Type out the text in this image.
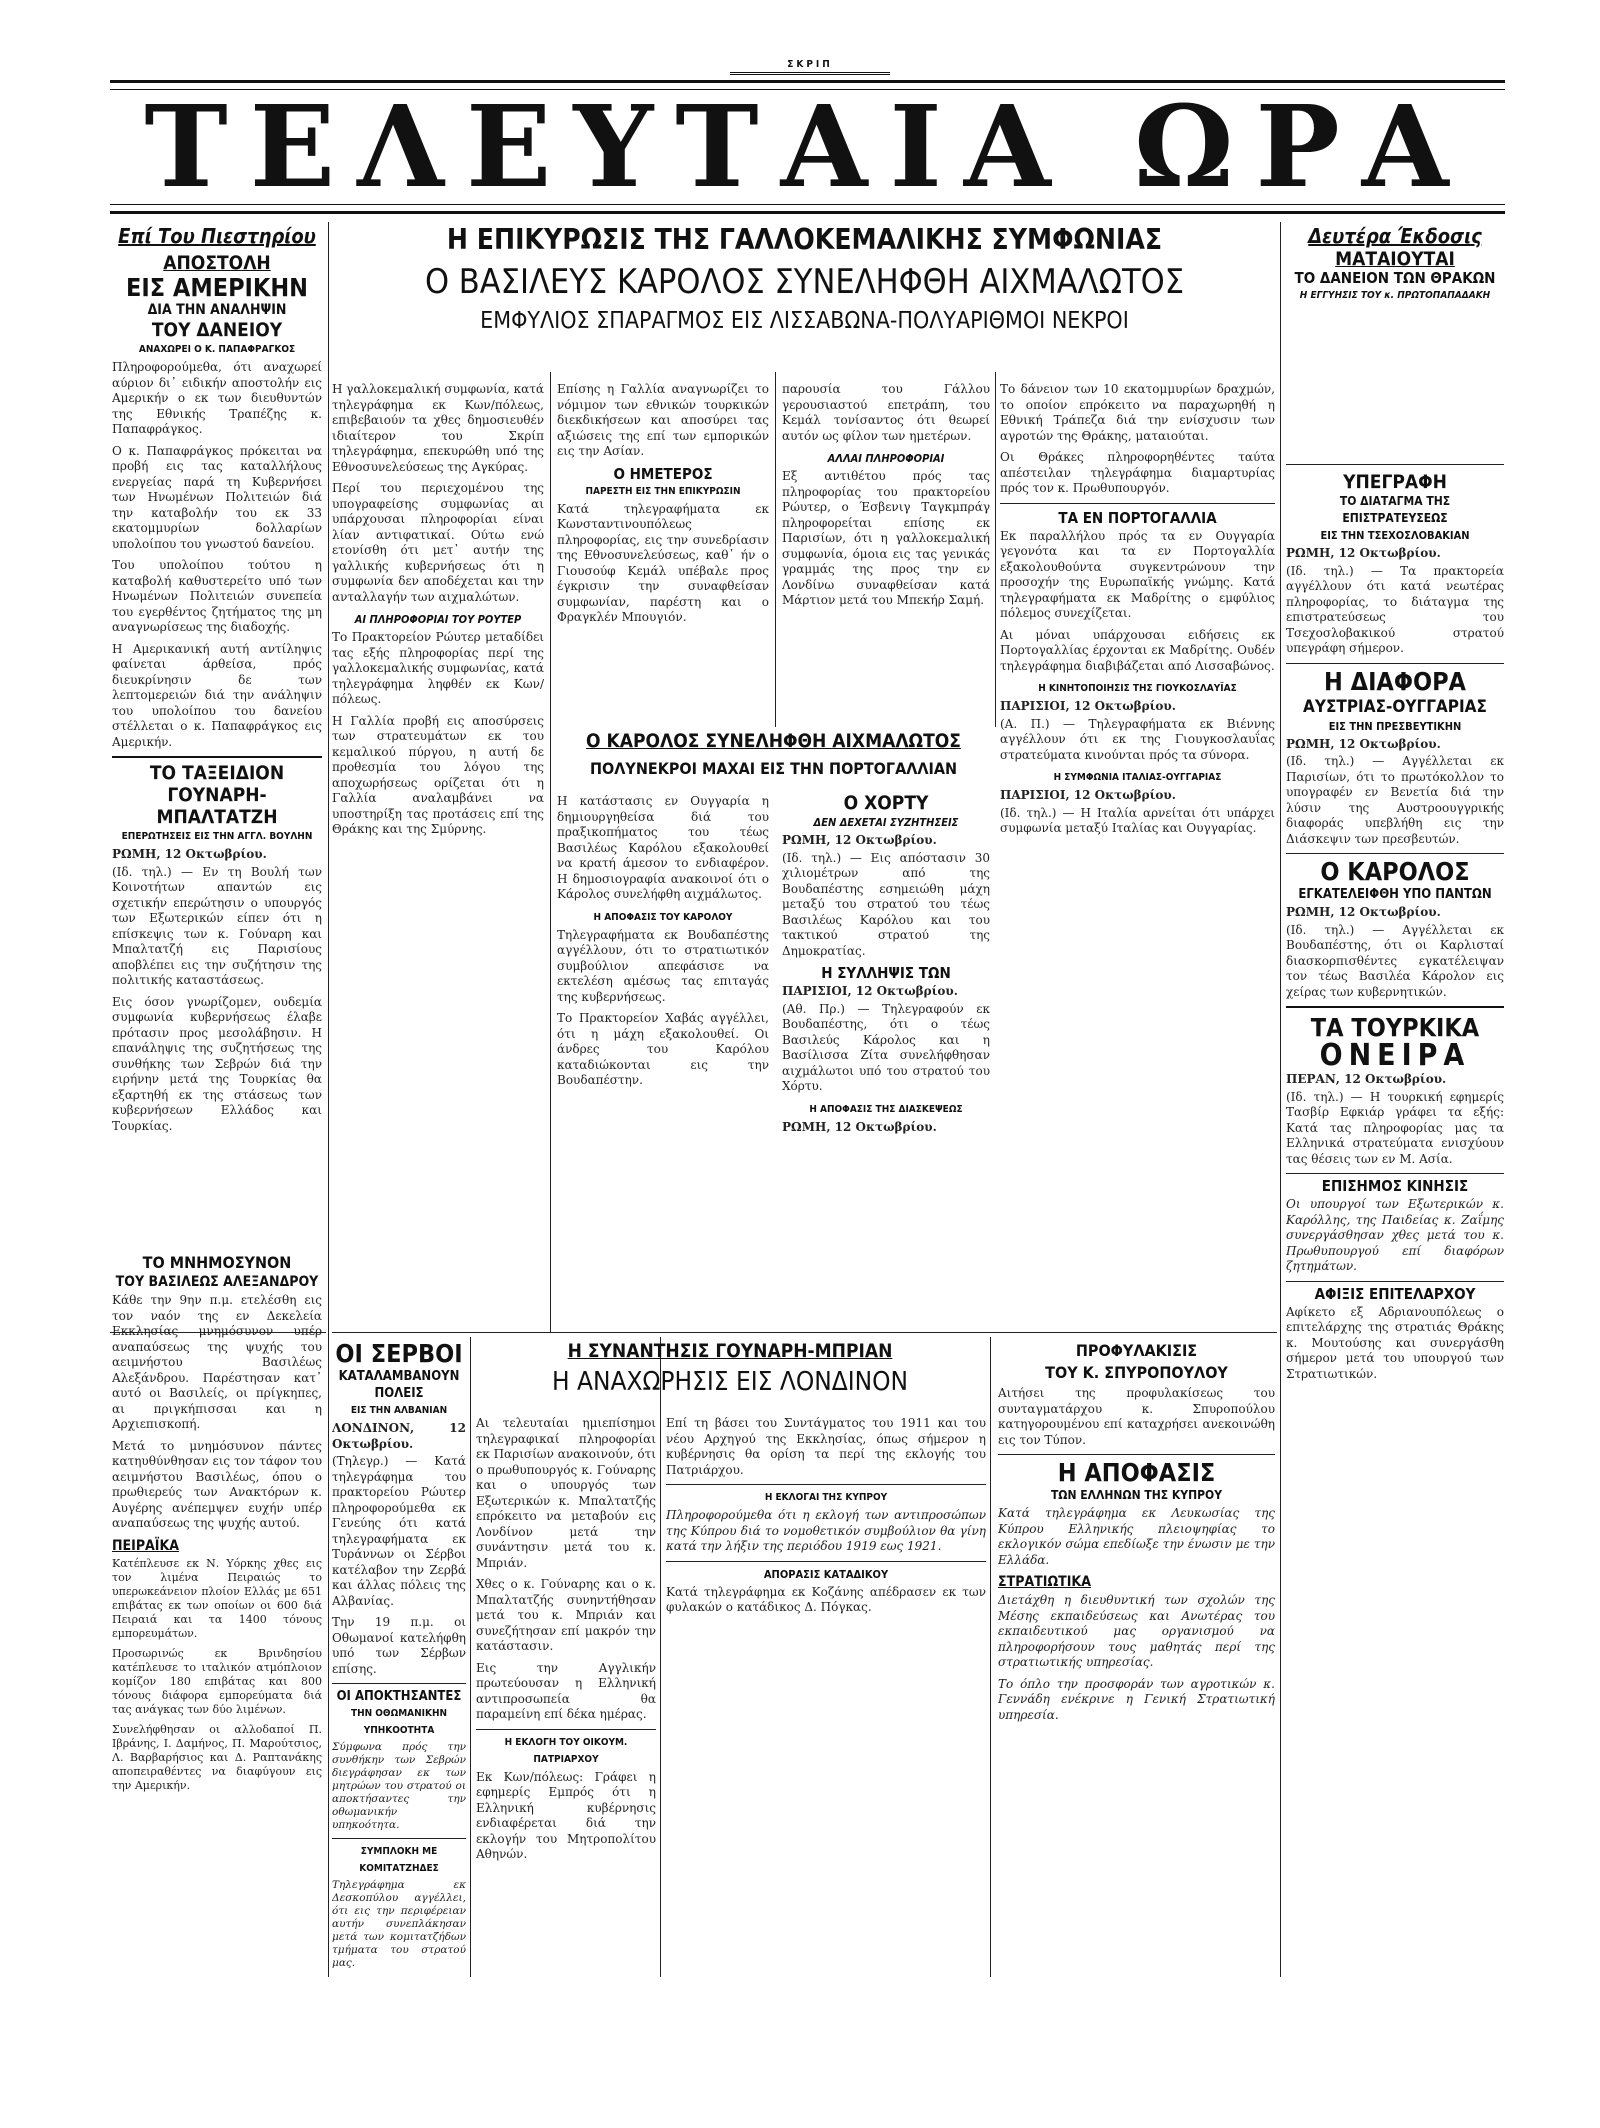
ΣΚΡΙΠ
ΤΕΛΕΥΤΑΙΑ ΩΡΑ
Επί Του Πιεστηρίου
ΑΠΟΣΤΟΛΗ
ΕΙΣ ΑΜΕΡΙΚΗΝ
ΔΙΑ ΤΗΝ ΑΝΑΛΗΨΙΝ
ΤΟΥ ΔΑΝΕΙΟΥ
ΑΝΑΧΩΡΕΙ Ο Κ. ΠΑΠΑΦΡΑΓΚΟΣ

Πληροφορούμεθα, ότι αναχωρεί αύριον δι᾽ ειδικήν αποστολήν εις Αμερικήν ο εκ των διευθυντών της Εθνικής Τραπέζης κ. Παπαφράγκος.

Ο κ. Παπαφράγκος πρόκειται να προβή εις τας καταλλήλους ενεργείας παρά τη Κυβερνήσει των Ηνωμένων Πολιτειών διά την καταβολήν του εκ 33 εκατομμυρίων δολλαρίων υπολοίπου του γνωστού δανείου.

Του υπολοίπου τούτου η καταβολή καθυστερείτο υπό των Ηνωμένων Πολιτειών συνεπεία του εγερθέντος ζητήματος της μη αναγνωρίσεως της διαδοχής.

Η Αμερικανική αυτή αντίληψις φαίνεται άρθείσα, πρός διευκρίνησιν δε των λεπτομερειών διά την ανάληψιν του υπολοίπου του δανείου στέλλεται ο κ. Παπαφράγκος εις Αμερικήν.

ΤΟ ΤΑΞΕΙΔΙΟΝ
ΓΟΥΝΑΡΗ-ΜΠΑΛΤΑΤΖΗ
ΕΠΕΡΩΤΗΣΕΙΣ ΕΙΣ ΤΗΝ ΑΓΓΛ. ΒΟΥΛΗΝ

ΡΩΜΗ, 12 Οκτωβρίου.

(Ιδ. τηλ.) — Εν τη Βουλή των Κοινοτήτων απαντών εις σχετικήν επερώτησιν ο υπουργός των Εξωτερικών είπεν ότι η επίσκεψις των κ. Γούναρη και Μπαλτατζή εις Παρισίους αποβλέπει εις την συζήτησιν της πολιτικής καταστάσεως.

Εις όσον γνωρίζομεν, ουδεμία συμφωνία κυβερνήσεως έλαβε πρότασιν προς μεσολάβησιν. Η επανάληψις της συζητήσεως της συνθήκης των Σεβρών διά την ειρήνην μετά της Τουρκίας θα εξαρτηθή εκ της στάσεως των κυβερνήσεων Ελλάδος και Τουρκίας.

ΤΟ ΜΝΗΜΟΣΥΝΟΝ
ΤΟΥ ΒΑΣΙΛΕΩΣ ΑΛΕΞΑΝΔΡΟΥ

Κάθε την 9ην π.μ. ετελέσθη εις τον ναόν της εν Δεκελεία Εκκλησίας μνημόσυνον υπέρ αναπαύσεως της ψυχής του αειμνήστου Βασιλέως Αλεξάνδρου. Παρέστησαν κατ᾽ αυτό οι Βασιλείς, οι πρίγκηπες, αι πριγκήπισσαι και η Αρχιεπισκοπή.

Μετά το μνημόσυνον πάντες κατηυθύνθησαν εις τον τάφον του αειμνήστου Βασιλέως, όπου ο πρωθιερεύς των Ανακτόρων κ. Αυγέρης ανέπεμψεν ευχήν υπέρ αναπαύσεως της ψυχής αυτού.

ΠΕΙΡΑΪΚΑ

Κατέπλευσε εκ Ν. Υόρκης χθες εις τον λιμένα Πειραιώς το υπερωκεάνειον πλοίον Ελλάς με 651 επιβάτας εκ των οποίων οι 600 διά Πειραιά και τα 1400 τόνους εμπορευμάτων.

Προσωρινώς εκ Βρινδησίου κατέπλευσε το ιταλικόν ατμόπλοιον κομίζον 180 επιβάτας και 800 τόνους διάφορα εμπορεύματα διά τας ανάγκας των δύο λιμένων.

Συνελήφθησαν οι αλλοδαποί Π. Ιβράνης, Ι. Δαμήνος, Π. Μαρούτσιος, Λ. Βαρβαρήσιος και Δ. Ραπτανάκης αποπειραθέντες να διαφύγουν εις την Αμερικήν.

Η ΕΠΙΚΥΡΩΣΙΣ ΤΗΣ ΓΑΛΛΟΚΕΜΑΛΙΚΗΣ ΣΥΜΦΩΝΙΑΣ
Ο ΒΑΣΙΛΕΥΣ ΚΑΡΟΛΟΣ ΣΥΝΕΛΗΦΘΗ ΑΙΧΜΑΛΩΤΟΣ
ΕΜΦΥΛΙΟΣ ΣΠΑΡΑΓΜΟΣ ΕΙΣ ΛΙΣΣΑΒΩΝΑ-ΠΟΛΥΑΡΙΘΜΟΙ ΝΕΚΡΟΙ

Η γαλλοκεμαλική συμφωνία, κατά τηλεγράφημα εκ Κων/πόλεως, επιβεβαιούν τα χθες δημοσιευθέν ιδιαίτερον του Σκρίπ τηλεγράφημα, επεκυρώθη υπό της Εθνοσυνελεύσεως της Αγκύρας.

Περί του περιεχομένου της υπογραφείσης συμφωνίας αι υπάρχουσαι πληροφορίαι είναι λίαν αντιφατικαί. Ούτω ενώ ετονίσθη ότι μετ᾽ αυτήν της γαλλικής κυβερνήσεως ότι η συμφωνία δεν αποδέχεται και την ανταλλαγήν των αιχμαλώτων.

ΑΙ ΠΛΗΡΟΦΟΡΙΑΙ ΤΟΥ ΡΟΥΤΕΡ

Το Πρακτορείον Ρώυτερ μεταδίδει τας εξής πληροφορίας περί της γαλλοκεμαλικής συμφωνίας, κατά τηλεγράφημα ληφθέν εκ Κων/πόλεως.

Η Γαλλία προβή εις αποσύρσεις των στρατευμάτων εκ του κεμαλικού πύργου, η αυτή δε προθεσμία του λόγου της αποχωρήσεως ορίζεται ότι η Γαλλία αναλαμβάνει να υποστηρίξη τας προτάσεις επί της Θράκης και της Σμύρνης.

Επίσης η Γαλλία αναγνωρίζει το νόμιμον των εθνικών τουρκικών διεκδικήσεων και αποσύρει τας αξιώσεις της επί των εμπορικών εις την Ασίαν.

Ο ΗΜΕΤΕΡΟΣ
ΠΑΡΕΣΤΗ ΕΙΣ ΤΗΝ ΕΠΙΚΥΡΩΣΙΝ

Κατά τηλεγραφήματα εκ Κωνσταντινουπόλεως πληροφορίας, εις την συνεδρίασιν της Εθνοσυνελεύσεως, καθ᾽ ήν ο Γιουσούφ Κεμάλ υπέβαλε προς έγκρισιν την συναφθείσαν συμφωνίαν, παρέστη και ο Φραγκλέν Μπουγιόν.

παρουσία του Γάλλου γερουσιαστού επετράπη, του Κεμάλ τονίσαντος ότι θεωρεί αυτόν ως φίλον των ημετέρων.

ΑΛΛΑΙ ΠΛΗΡΟΦΟΡΙΑΙ

Εξ αντιθέτου πρός τας πληροφορίας του πρακτορείου Ρώυτερ, ο Έσβενιγ Ταγκμπράγ πληροφορείται επίσης εκ Παρισίων, ότι η γαλλοκεμαλική συμφωνία, όμοια εις τας γενικάς γραμμάς της προς την εν Λονδίνω συναφθείσαν κατά Μάρτιον μετά του Μπεκήρ Σαμή.

Ο ΚΑΡΟΛΟΣ ΣΥΝΕΛΗΦΘΗ ΑΙΧΜΑΛΩΤΟΣ
ΠΟΛΥΝΕΚΡΟΙ ΜΑΧΑΙ ΕΙΣ ΤΗΝ ΠΟΡΤΟΓΑΛΛΙΑΝ

Η κατάστασις εν Ουγγαρία η δημιουργηθείσα διά του πραξικοπήματος του τέως Βασιλέως Καρόλου εξακολουθεί να κρατή άμεσον το ενδιαφέρον. Η δημοσιογραφία ανακοινοί ότι ο Κάρολος συνελήφθη αιχμάλωτος.

Η ΑΠΟΦΑΣΙΣ ΤΟΥ ΚΑΡΟΛΟΥ

Τηλεγραφήματα εκ Βουδαπέστης αγγέλλουν, ότι το στρατιωτικόν συμβούλιον απεφάσισε να εκτελέση αμέσως τας επιταγάς της κυβερνήσεως.

Το Πρακτορείον Χαβάς αγγέλλει, ότι η μάχη εξακολουθεί. Οι άνδρες του Καρόλου καταδιώκονται εις την Βουδαπέστην.

Ο ΧΟΡΤΥ
ΔΕΝ ΔΕΧΕΤΑΙ ΣΥΖΗΤΗΣΕΙΣ

ΡΩΜΗ, 12 Οκτωβρίου.

(Ιδ. τηλ.) — Εις απόστασιν 30 χιλιομέτρων από της Βουδαπέστης εσημειώθη μάχη μεταξύ του στρατού του τέως Βασιλέως Καρόλου και του τακτικού στρατού της Δημοκρατίας.

Η ΣΥΛΛΗΨΙΣ ΤΩΝ

ΠΑΡΙΣΙΟΙ, 12 Οκτωβρίου.

(Αθ. Πρ.) — Τηλεγραφούν εκ Βουδαπέστης, ότι ο τέως Βασιλεύς Κάρολος και η Βασίλισσα Ζίτα συνελήφθησαν αιχμάλωτοι υπό του στρατού του Χόρτυ.

Η ΑΠΟΦΑΣΙΣ ΤΗΣ ΔΙΑΣΚΕΨΕΩΣ

ΡΩΜΗ, 12 Οκτωβρίου.

Το δάνειον των 10 εκατομμυρίων δραχμών, το οποίον επρόκειτο να παραχωρηθή η Εθνική Τράπεζα διά την ενίσχυσιν των αγροτών της Θράκης, ματαιούται.

Οι Θράκες πληροφορηθέντες ταύτα απέστειλαν τηλεγράφημα διαμαρτυρίας πρός τον κ. Πρωθυπουργόν.

ΤΑ ΕΝ ΠΟΡΤΟΓΑΛΛΙΑ

Εκ παραλλήλου πρός τα εν Ουγγαρία γεγονότα και τα εν Πορτογαλλία εξακολουθούντα συγκεντρώνουν την προσοχήν της Ευρωπαϊκής γνώμης. Κατά τηλεγραφήματα εκ Μαδρίτης ο εμφύλιος πόλεμος συνεχίζεται.

Αι μόναι υπάρχουσαι ειδήσεις εκ Πορτογαλλίας έρχονται εκ Μαδρίτης. Ουδέν τηλεγράφημα διαβιβάζεται από Λισσαβώνος.

Η ΚΙΝΗΤΟΠΟΙΗΣΙΣ ΤΗΣ ΓΙΟΥΚΟΣΛΑΥΪΑΣ

ΠΑΡΙΣΙΟΙ, 12 Οκτωβρίου.

(Α. Π.) — Τηλεγραφήματα εκ Βιέννης αγγέλλουν ότι εκ της Γιουγκοσλαυΐας στρατεύματα κινούνται πρός τα σύνορα.

Η ΣΥΜΦΩΝΙΑ ΙΤΑΛΙΑΣ-ΟΥΓΓΑΡΙΑΣ

ΠΑΡΙΣΙΟΙ, 12 Οκτωβρίου.

(Ιδ. τηλ.) — Η Ιταλία αρνείται ότι υπάρχει συμφωνία μεταξύ Ιταλίας και Ουγγαρίας.

Δευτέρα Έκδοσις
ΜΑΤΑΙΟΥΤΑΙ
ΤΟ ΔΑΝΕΙΟΝ ΤΩΝ ΘΡΑΚΩΝ
Η ΕΓΓΥΗΣΙΣ ΤΟΥ κ. ΠΡΩΤΟΠΑΠΑΔΑΚΗ
ΥΠΕΓΡΑΦΗ
ΤΟ ΔΙΑΤΑΓΜΑ ΤΗΣ ΕΠΙΣΤΡΑΤΕΥΣΕΩΣ
ΕΙΣ ΤΗΝ ΤΣΕΧΟΣΛΟΒΑΚΙΑΝ

ΡΩΜΗ, 12 Οκτωβρίου.

(Ιδ. τηλ.) — Τα πρακτορεία αγγέλλουν ότι κατά νεωτέρας πληροφορίας, το διάταγμα της επιστρατεύσεως του Τσεχοσλοβακικού στρατού υπεγράφη σήμερον.

Η ΔΙΑΦΟΡΑ
ΑΥΣΤΡΙΑΣ-ΟΥΓΓΑΡΙΑΣ
ΕΙΣ ΤΗΝ ΠΡΕΣΒΕΥΤΙΚΗΝ

ΡΩΜΗ, 12 Οκτωβρίου.

(Ιδ. τηλ.) — Αγγέλλεται εκ Παρισίων, ότι το πρωτόκολλον το υπογραφέν εν Βενετία διά την λύσιν της Αυστροουγγρικής διαφοράς υπεβλήθη εις την Διάσκεψιν των πρεσβευτών.

Ο ΚΑΡΟΛΟΣ
ΕΓΚΑΤΕΛΕΙΦΘΗ ΥΠΟ ΠΑΝΤΩΝ

ΡΩΜΗ, 12 Οκτωβρίου.

(Ιδ. τηλ.) — Αγγέλλεται εκ Βουδαπέστης, ότι οι Καρλισταί διασκορπισθέντες εγκατέλειψαν τον τέως Βασιλέα Κάρολον εις χείρας των κυβερνητικών.

ΤΑ ΤΟΥΡΚΙΚΑ
ΟΝΕΙΡΑ

ΠΕΡΑΝ, 12 Οκτωβρίου.

(Ιδ. τηλ.) — Η τουρκική εφημερίς Τασβίρ Εφκιάρ γράφει τα εξής: Κατά τας πληροφορίας μας τα Ελληνικά στρατεύματα ενισχύουν τας θέσεις των εν Μ. Ασία.

ΕΠΙΣΗΜΟΣ ΚΙΝΗΣΙΣ

Οι υπουργοί των Εξωτερικών κ. Καρόλλης, της Παιδείας κ. Ζαΐμης συνεργάσθησαν χθες μετά του κ. Πρωθυπουργού επί διαφόρων ζητημάτων.

ΑΦΙΞΙΣ ΕΠΙΤΕΛΑΡΧΟΥ

Αφίκετο εξ Αδριανουπόλεως ο επιτελάρχης της στρατιάς Θράκης κ. Μουτούσης και συνεργάσθη σήμερον μετά του υπουργού των Στρατιωτικών.

ΟΙ ΣΕΡΒΟΙ
ΚΑΤΑΛΑΜΒΑΝΟΥΝ ΠΟΛΕΙΣ
ΕΙΣ ΤΗΝ ΑΛΒΑΝΙΑΝ

ΛΟΝΔΙΝΟΝ, 12 Οκτωβρίου.

(Τηλεγρ.) — Κατά τηλεγράφημα του πρακτορείου Ρώυτερ πληροφορούμεθα εκ Γενεύης ότι κατά τηλεγραφήματα εκ Τυράννων οι Σέρβοι κατέλαβον την Ζερβά και άλλας πόλεις της Αλβανίας.

Την 19 π.μ. οι Οθωμανοί κατελήφθη υπό των Σέρβων επίσης.

ΟΙ ΑΠΟΚΤΗΣΑΝΤΕΣ
ΤΗΝ ΟΘΩΜΑΝΙΚΗΝ ΥΠΗΚΟΟΤΗΤΑ

Σύμφωνα πρός την συνθήκην των Σεβρών διεγράφησαν εκ των μητρώων του στρατού οι αποκτήσαντες την οθωμανικήν υπηκοότητα.

ΣΥΜΠΛΟΚΗ ΜΕ ΚΟΜΙΤΑΤΖΗΔΕΣ

Τηλεγράφημα εκ Δεσκοπύλου αγγέλλει, ότι εις την περιφέρειαν αυτήν συνεπλάκησαν μετά των κομιτατζήδων τμήματα του στρατού μας.

Η ΣΥΝΑΝΤΗΣΙΣ ΓΟΥΝΑΡΗ-ΜΠΡΙΑΝ
Η ΑΝΑΧΩΡΗΣΙΣ ΕΙΣ ΛΟΝΔΙΝΟΝ

Αι τελευταίαι ημιεπίσημοι τηλεγραφικαί πληροφορίαι εκ Παρισίων ανακοινούν, ότι ο πρωθυπουργός κ. Γούναρης και ο υπουργός των Εξωτερικών κ. Μπαλτατζής επρόκειτο να μεταβούν εις Λονδίνον μετά την συνάντησιν μετά του κ. Μπριάν.

Χθες ο κ. Γούναρης και ο κ. Μπαλτατζής συνηντήθησαν μετά του κ. Μπριάν και συνεζήτησαν επί μακρόν την κατάστασιν.

Εις την Αγγλικήν πρωτεύουσαν η Ελληνική αντιπροσωπεία θα παραμείνη επί δέκα ημέρας.

Η ΕΚΛΟΓΗ ΤΟΥ ΟΙΚΟΥΜ. ΠΑΤΡΙΑΡΧΟΥ

Εκ Κων/πόλεως: Γράφει η εφημερίς Εμπρός ότι η Ελληνική κυβέρνησις ενδιαφέρεται διά την εκλογήν του Μητροπολίτου Αθηνών.

Επί τη βάσει του Συντάγματος του 1911 και του νέου Αρχηγού της Εκκλησίας, όπως σήμερον η κυβέρνησις θα ορίση τα περί της εκλογής του Πατριάρχου.

Η ΕΚΛΟΓΑΙ ΤΗΣ ΚΥΠΡΟΥ

Πληροφορούμεθα ότι η εκλογή των αντιπροσώπων της Κύπρου διά το νομοθετικόν συμβούλιον θα γίνη κατά την λήξιν της περιόδου 1919 εως 1921.

ΑΠΟΡΑΣΙΣ ΚΑΤΑΔΙΚΟΥ

Κατά τηλεγράφημα εκ Κοζάνης απέδρασεν εκ των φυλακών ο κατάδικος Δ. Πόγκας.

ΠΡΟΦΥΛΑΚΙΣΙΣ
ΤΟΥ Κ. ΣΠΥΡΟΠΟΥΛΟΥ

Αιτήσει της προφυλακίσεως του συνταγματάρχου κ. Σπυροπούλου κατηγορουμένου επί καταχρήσει ανεκοινώθη εις τον Τύπον.

Η ΑΠΟΦΑΣΙΣ
ΤΩΝ ΕΛΛΗΝΩΝ ΤΗΣ ΚΥΠΡΟΥ

Κατά τηλεγράφημα εκ Λευκωσίας της Κύπρου Ελληνικής πλειοψηφίας το εκλογικόν σώμα επεδίωξε την ένωσιν με την Ελλάδα.

ΣΤΡΑΤΙΩΤΙΚΑ

Διετάχθη η διευθυντική των σχολών της Μέσης εκπαιδεύσεως και Ανωτέρας του εκπαιδευτικού μας οργανισμού να πληροφορήσουν τους μαθητάς περί της στρατιωτικής υπηρεσίας.

Το όπλο την προσφοράν των αγροτικών κ. Γεννάδη ενέκρινε η Γενική Στρατιωτική υπηρεσία.
